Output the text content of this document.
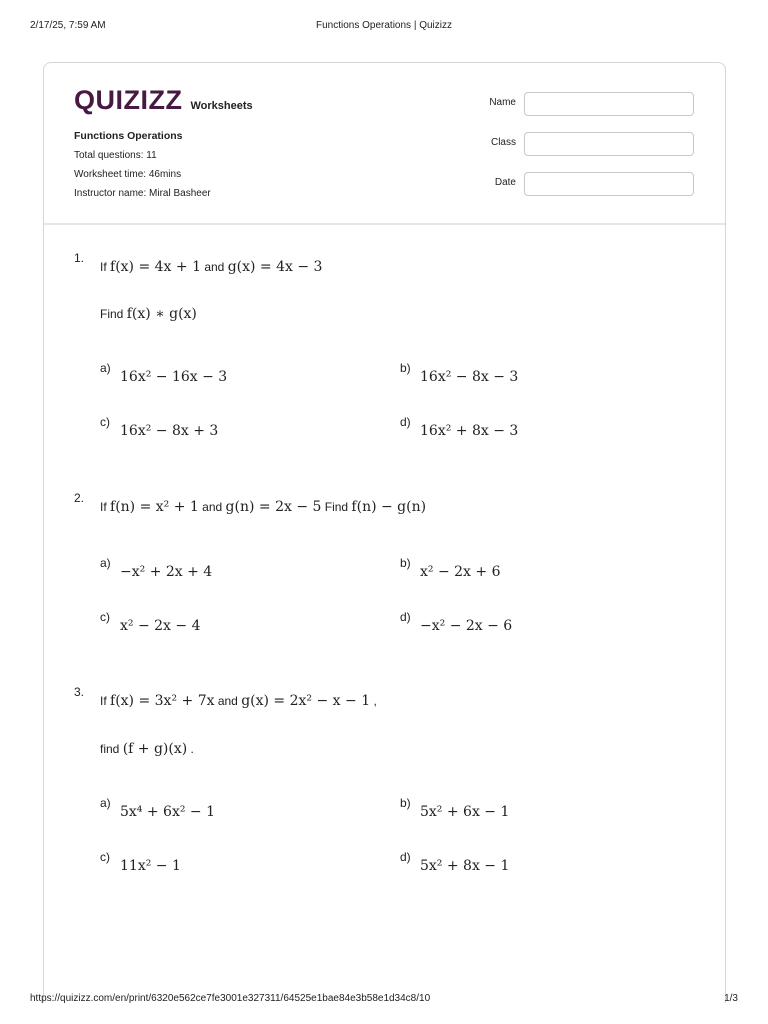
2/17/25, 7:59 AM	Functions Operations | Quizizz
QUIZIZZ Worksheets
Functions Operations
Total questions: 11
Worksheet time: 46mins
Instructor name: Miral Basheer
Name
Class
Date
1.
If f(x) = 4x + 1 and g(x) = 4x − 3
Find f(x) ∗ g(x)
a)
16x² − 16x − 3
b)
16x² − 8x − 3
c)
16x² − 8x + 3
d)
16x² + 8x − 3
2.
If f(n) = x² + 1 and g(n) = 2x − 5 Find f(n) − g(n)
a)
−x² + 2x + 4
b)
x² − 2x + 6
c)
x² − 2x − 4
d)
−x² − 2x − 6
3.
If f(x) = 3x² + 7x and g(x) = 2x² − x − 1 ,
find (f + g)(x) .
a)
5x⁴ + 6x² − 1
b)
5x² + 6x − 1
c)
11x² − 1
d)
5x² + 8x − 1
https://quizizz.com/en/print/6320e562ce7fe3001e327311/64525e1bae84e3b58e1d34c8/10	1/3
